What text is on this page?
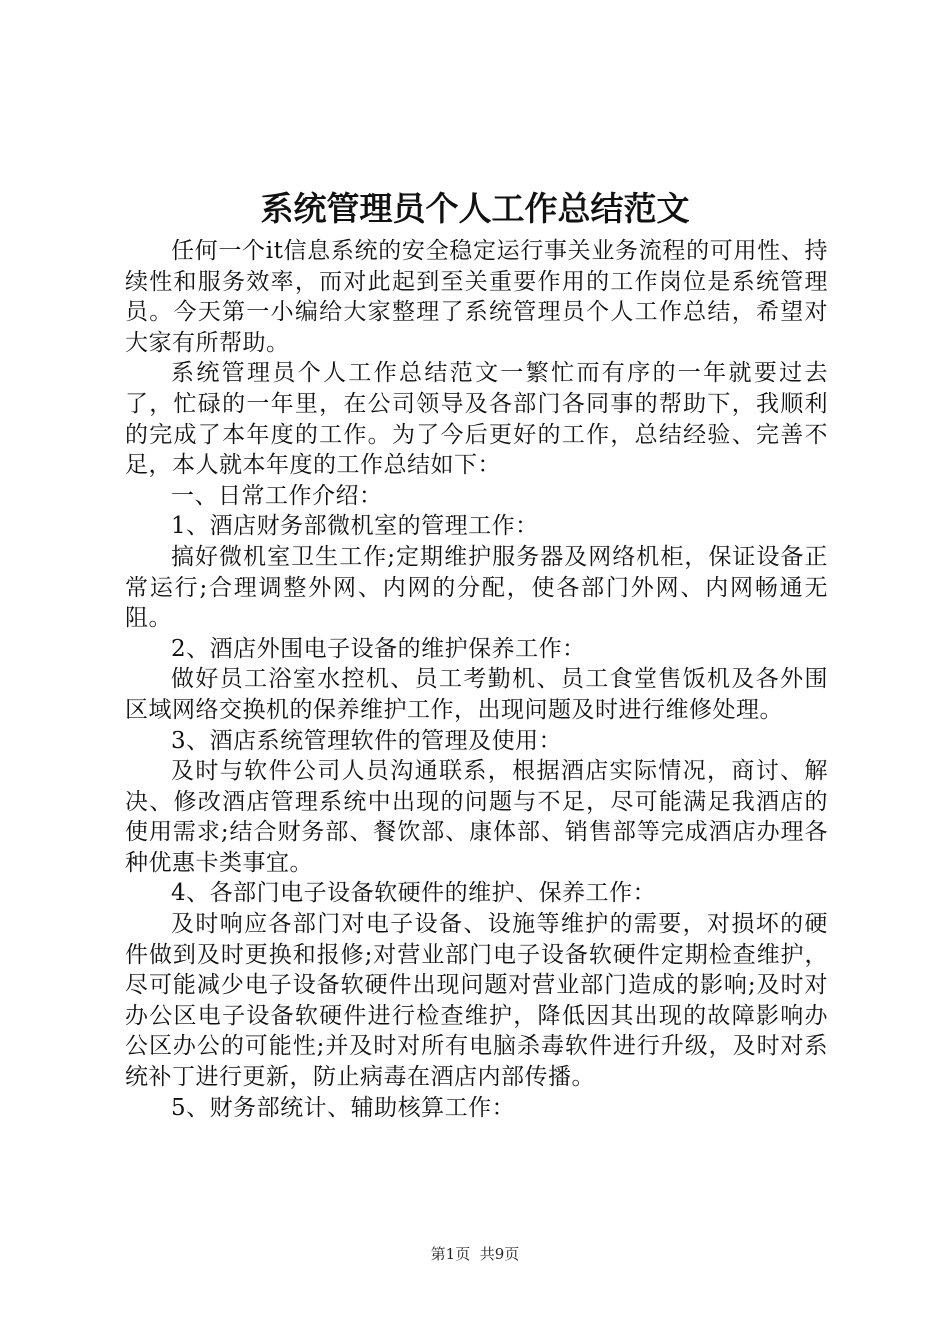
系统管理员个人工作总结范文

任何一个it信息系统的安全稳定运行事关业务流程的可用性、持续性和服务效率，而对此起到至关重要作用的工作岗位是系统管理员。今天第一小编给大家整理了系统管理员个人工作总结，希望对大家有所帮助。

系统管理员个人工作总结范文一繁忙而有序的一年就要过去了，忙碌的一年里，在公司领导及各部门各同事的帮助下，我顺利的完成了本年度的工作。为了今后更好的工作，总结经验、完善不足，本人就本年度的工作总结如下：

一、日常工作介绍：

1、酒店财务部微机室的管理工作：

搞好微机室卫生工作;定期维护服务器及网络机柜，保证设备正常运行;合理调整外网、内网的分配，使各部门外网、内网畅通无阻。

2、酒店外围电子设备的维护保养工作：

做好员工浴室水控机、员工考勤机、员工食堂售饭机及各外围区域网络交换机的保养维护工作，出现问题及时进行维修处理。

3、酒店系统管理软件的管理及使用：

及时与软件公司人员沟通联系，根据酒店实际情况，商讨、解决、修改酒店管理系统中出现的问题与不足，尽可能满足我酒店的使用需求;结合财务部、餐饮部、康体部、销售部等完成酒店办理各种优惠卡类事宜。

4、各部门电子设备软硬件的维护、保养工作：

及时响应各部门对电子设备、设施等维护的需要，对损坏的硬件做到及时更换和报修;对营业部门电子设备软硬件定期检查维护，尽可能减少电子设备软硬件出现问题对营业部门造成的影响;及时对办公区电子设备软硬件进行检查维护，降低因其出现的故障影响办公区办公的可能性;并及时对所有电脑杀毒软件进行升级，及时对系统补丁进行更新，防止病毒在酒店内部传播。

5、财务部统计、辅助核算工作：

第1页 共9页
